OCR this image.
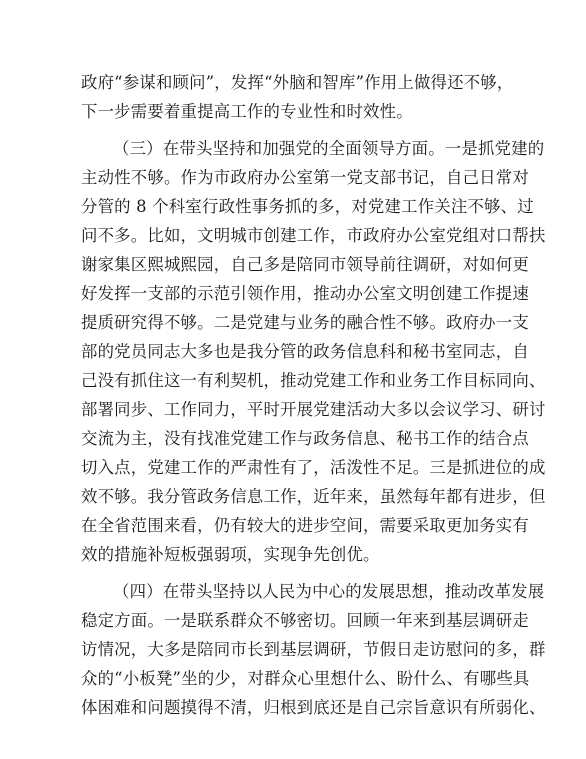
政府“参谋和顾问”，发挥“外脑和智库”作用上做得还不够，
下一步需要着重提高工作的专业性和时效性。
（三）在带头坚持和加强党的全面领导方面。一是抓党建的
主动性不够。作为市政府办公室第一党支部书记，自己日常对
分管的 8 个科室行政性事务抓的多，对党建工作关注不够、过
问不多。比如，文明城市创建工作，市政府办公室党组对口帮扶
谢家集区熙城熙园，自己多是陪同市领导前往调研，对如何更
好发挥一支部的示范引领作用，推动办公室文明创建工作提速
提质研究得不够。二是党建与业务的融合性不够。政府办一支
部的党员同志大多也是我分管的政务信息科和秘书室同志，自
己没有抓住这一有利契机，推动党建工作和业务工作目标同向、
部署同步、工作同力，平时开展党建活动大多以会议学习、研讨
交流为主，没有找准党建工作与政务信息、秘书工作的结合点
切入点，党建工作的严肃性有了，活泼性不足。三是抓进位的成
效不够。我分管政务信息工作，近年来，虽然每年都有进步，但
在全省范围来看，仍有较大的进步空间，需要采取更加务实有
效的措施补短板强弱项，实现争先创优。
（四）在带头坚持以人民为中心的发展思想，推动改革发展
稳定方面。一是联系群众不够密切。回顾一年来到基层调研走
访情况，大多是陪同市长到基层调研，节假日走访慰问的多，群
众的“小板凳”坐的少，对群众心里想什么、盼什么、有哪些具
体困难和问题摸得不清，归根到底还是自己宗旨意识有所弱化、
